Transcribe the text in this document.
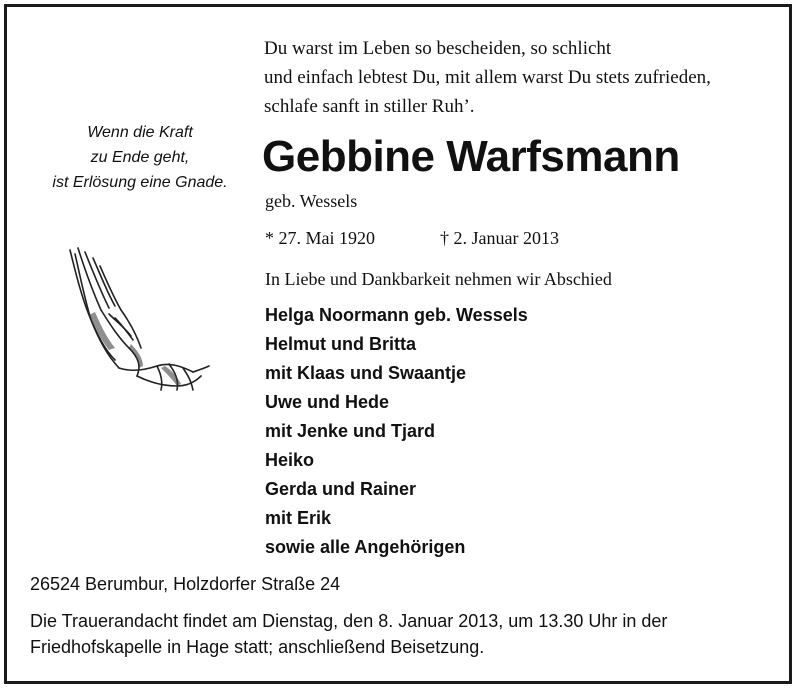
Du warst im Leben so bescheiden, so schlicht
und einfach lebtest Du, mit allem warst Du stets zufrieden,
schlafe sanft in stiller Ruh’.
Wenn die Kraft
zu Ende geht,
ist Erlösung eine Gnade.
Gebbine Warfsmann
geb. Wessels
* 27. Mai 1920	† 2. Januar 2013
In Liebe und Dankbarkeit nehmen wir Abschied
Helga Noormann geb. Wessels
Helmut und Britta
mit Klaas und Swaantje
Uwe und Hede
mit Jenke und Tjard
Heiko
Gerda und Rainer
mit Erik
sowie alle Angehörigen
26524 Berumbur, Holzdorfer Straße 24
Die Trauerandacht findet am Dienstag, den 8. Januar 2013, um 13.30 Uhr in der
Friedhofskapelle in Hage statt; anschließend Beisetzung.
